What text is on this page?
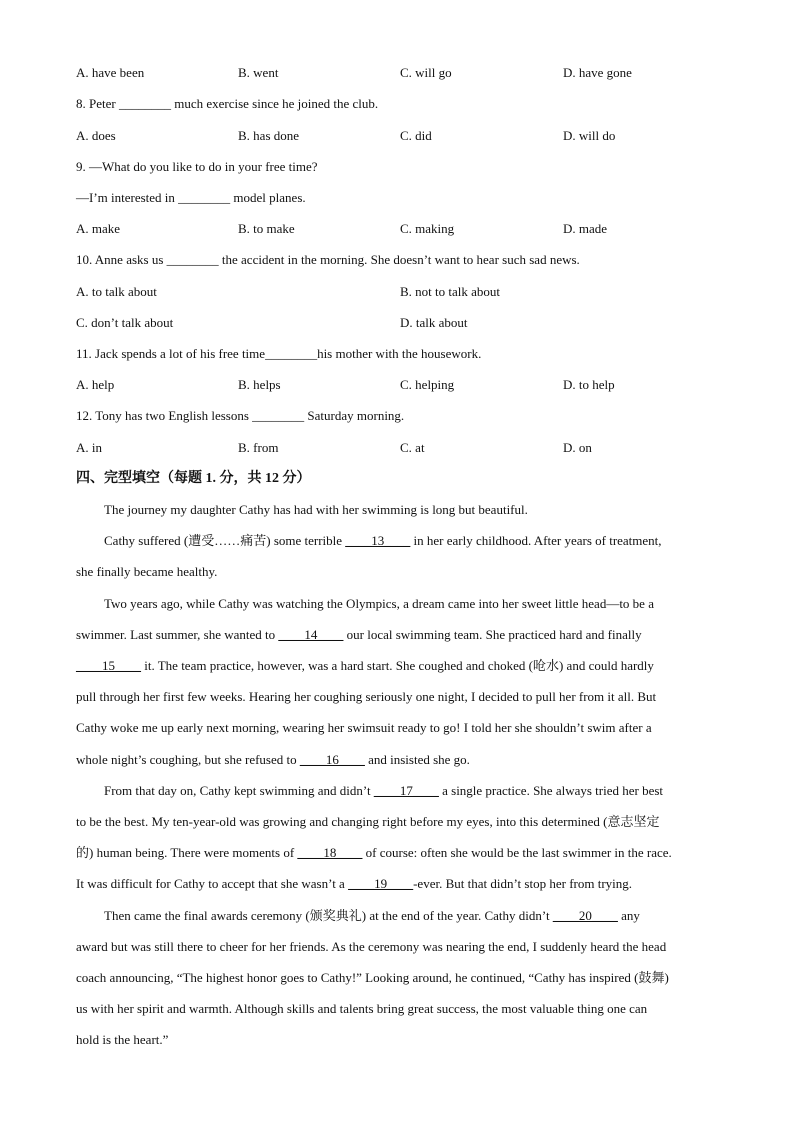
A. have been	B. went	C. will go	D. have gone
8. Peter ________ much exercise since he joined the club.
A. does	B. has done	C. did	D. will do
9. —What do you like to do in your free time?
—I’m interested in ________ model planes.
A. make	B. to make	C. making	D. made
10. Anne asks us ________ the accident in the morning. She doesn’t want to hear such sad news.
A. to talk about	B. not to talk about
C. don’t talk about	D. talk about
11. Jack spends a lot of his free time________his mother with the housework.
A. help	B. helps	C. helping	D. to help
12. Tony has two English lessons ________ Saturday morning.
A. in	B. from	C. at	D. on
四、完型填空（每题 1. 分，共 12 分）
The journey my daughter Cathy has had with her swimming is long but beautiful.
Cathy suffered (遭受……痛苦) some terrible ____13____ in her early childhood. After years of treatment,
she finally became healthy.
Two years ago, while Cathy was watching the Olympics, a dream came into her sweet little head—to be a
swimmer. Last summer, she wanted to ____14____ our local swimming team. She practiced hard and finally
____15____ it. The team practice, however, was a hard start. She coughed and choked (呛水) and could hardly
pull through her first few weeks. Hearing her coughing seriously one night, I decided to pull her from it all. But
Cathy woke me up early next morning, wearing her swimsuit ready to go! I told her she shouldn’t swim after a
whole night’s coughing, but she refused to ____16____ and insisted she go.
From that day on, Cathy kept swimming and didn’t ____17____ a single practice. She always tried her best
to be the best. My ten-year-old was growing and changing right before my eyes, into this determined (意志坚定
的) human being. There were moments of ____18____ of course: often she would be the last swimmer in the race.
It was difficult for Cathy to accept that she wasn’t a ____19____-ever. But that didn’t stop her from trying.
Then came the final awards ceremony (颁奖典礼) at the end of the year. Cathy didn’t ____20____ any
award but was still there to cheer for her friends. As the ceremony was nearing the end, I suddenly heard the head
coach announcing, “The highest honor goes to Cathy!” Looking around, he continued, “Cathy has inspired (鼓舞)
us with her spirit and warmth. Although skills and talents bring great success, the most valuable thing one can
hold is the heart.”
